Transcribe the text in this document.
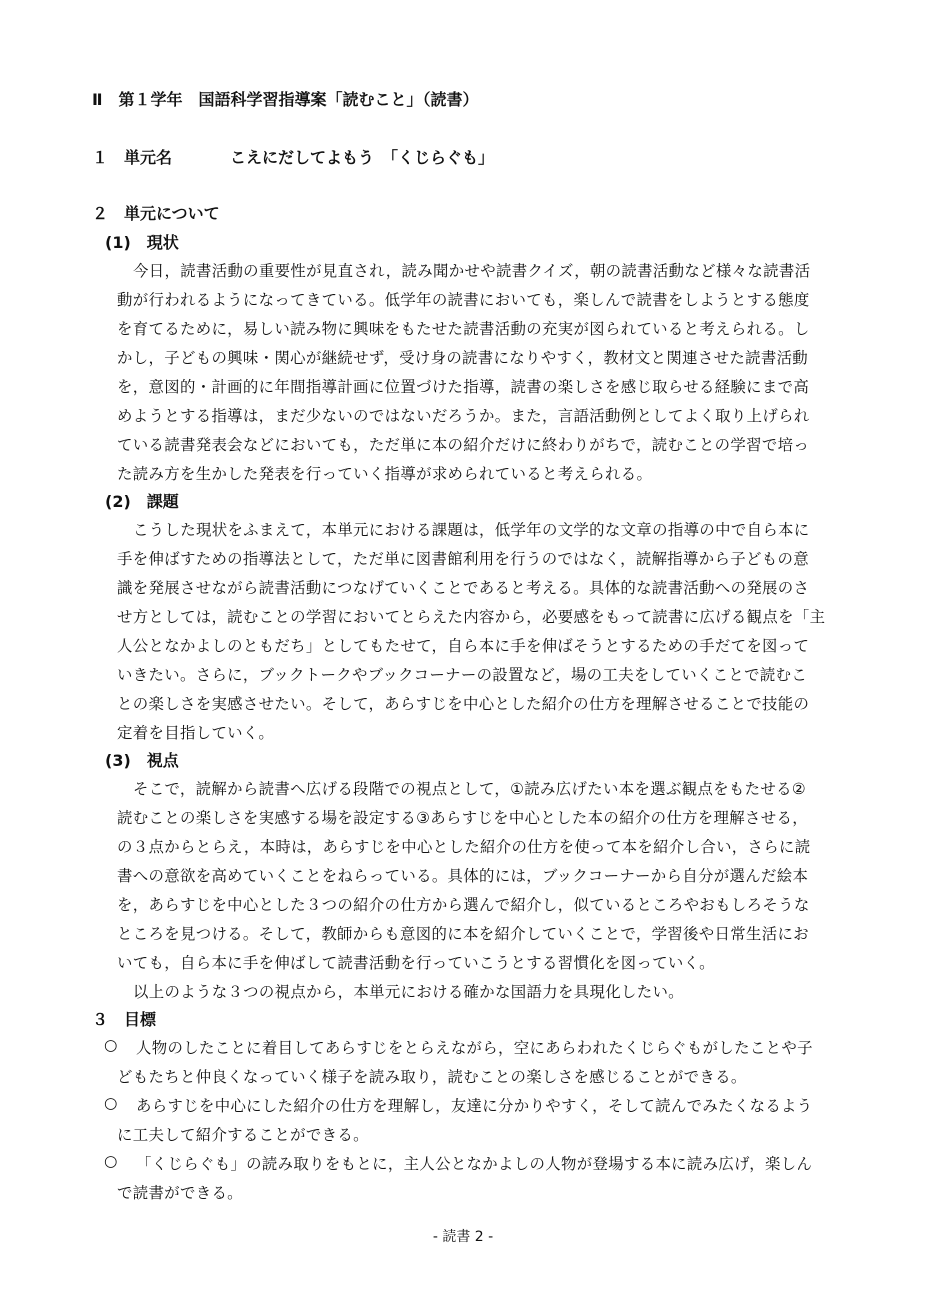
Ⅱ　第１学年　国語科学習指導案「読むこと」（読書）
１　単元名	こえにだしてよもう　「くじらぐも」
２　単元について
(1)　現状
今日，読書活動の重要性が見直され，読み聞かせや読書クイズ，朝の読書活動など様々な読書活
動が行われるようになってきている。低学年の読書においても，楽しんで読書をしようとする態度
を育てるために，易しい読み物に興味をもたせた読書活動の充実が図られていると考えられる。し
かし，子どもの興味・関心が継続せず，受け身の読書になりやすく，教材文と関連させた読書活動
を，意図的・計画的に年間指導計画に位置づけた指導，読書の楽しさを感じ取らせる経験にまで高
めようとする指導は，まだ少ないのではないだろうか。また，言語活動例としてよく取り上げられ
ている読書発表会などにおいても，ただ単に本の紹介だけに終わりがちで，読むことの学習で培っ
た読み方を生かした発表を行っていく指導が求められていると考えられる。
(2)　課題
こうした現状をふまえて，本単元における課題は，低学年の文学的な文章の指導の中で自ら本に
手を伸ばすための指導法として，ただ単に図書館利用を行うのではなく，読解指導から子どもの意
識を発展させながら読書活動につなげていくことであると考える。具体的な読書活動への発展のさ
せ方としては，読むことの学習においてとらえた内容から，必要感をもって読書に広げる観点を「主
人公となかよしのともだち」としてもたせて，自ら本に手を伸ばそうとするための手だてを図って
いきたい。さらに，ブックトークやブックコーナーの設置など，場の工夫をしていくことで読むこ
との楽しさを実感させたい。そして，あらすじを中心とした紹介の仕方を理解させることで技能の
定着を目指していく。
(3)　視点
そこで，読解から読書へ広げる段階での視点として，①読み広げたい本を選ぶ観点をもたせる②
読むことの楽しさを実感する場を設定する③あらすじを中心とした本の紹介の仕方を理解させる，
の３点からとらえ，本時は，あらすじを中心とした紹介の仕方を使って本を紹介し合い，さらに読
書への意欲を高めていくことをねらっている。具体的には，ブックコーナーから自分が選んだ絵本
を，あらすじを中心とした３つの紹介の仕方から選んで紹介し，似ているところやおもしろそうな
ところを見つける。そして，教師からも意図的に本を紹介していくことで，学習後や日常生活にお
いても，自ら本に手を伸ばして読書活動を行っていこうとする習慣化を図っていく。
以上のような３つの視点から，本単元における確かな国語力を具現化したい。
３　目標
○ 人物のしたことに着目してあらすじをとらえながら，空にあらわれたくじらぐもがしたことや子
どもたちと仲良くなっていく様子を読み取り，読むことの楽しさを感じることができる。
○ あらすじを中心にした紹介の仕方を理解し，友達に分かりやすく，そして読んでみたくなるよう
に工夫して紹介することができる。
○ 「くじらぐも」の読み取りをもとに，主人公となかよしの人物が登場する本に読み広げ，楽しん
で読書ができる。
- 読書 2 -
